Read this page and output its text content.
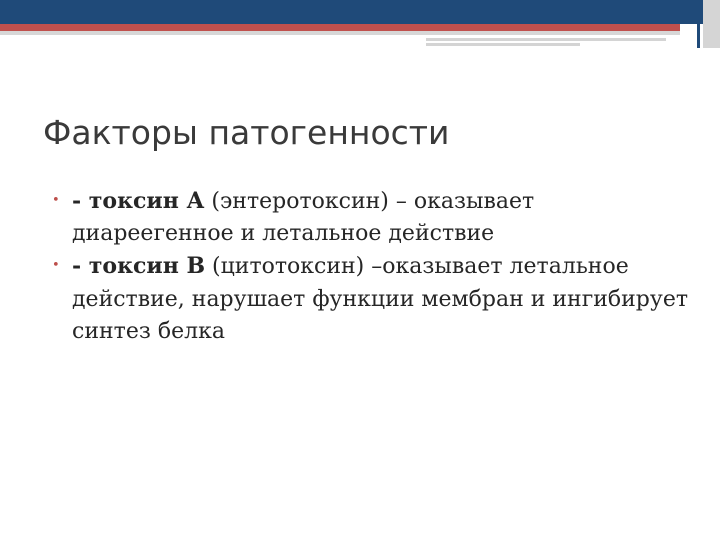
Факторы патогенности
• - токсин А (энтеротоксин) – оказывает диареегенное и летальное действие
• - токсин В (цитотоксин) –оказывает летальное действие, нарушает функции мембран и ингибирует синтез белка
